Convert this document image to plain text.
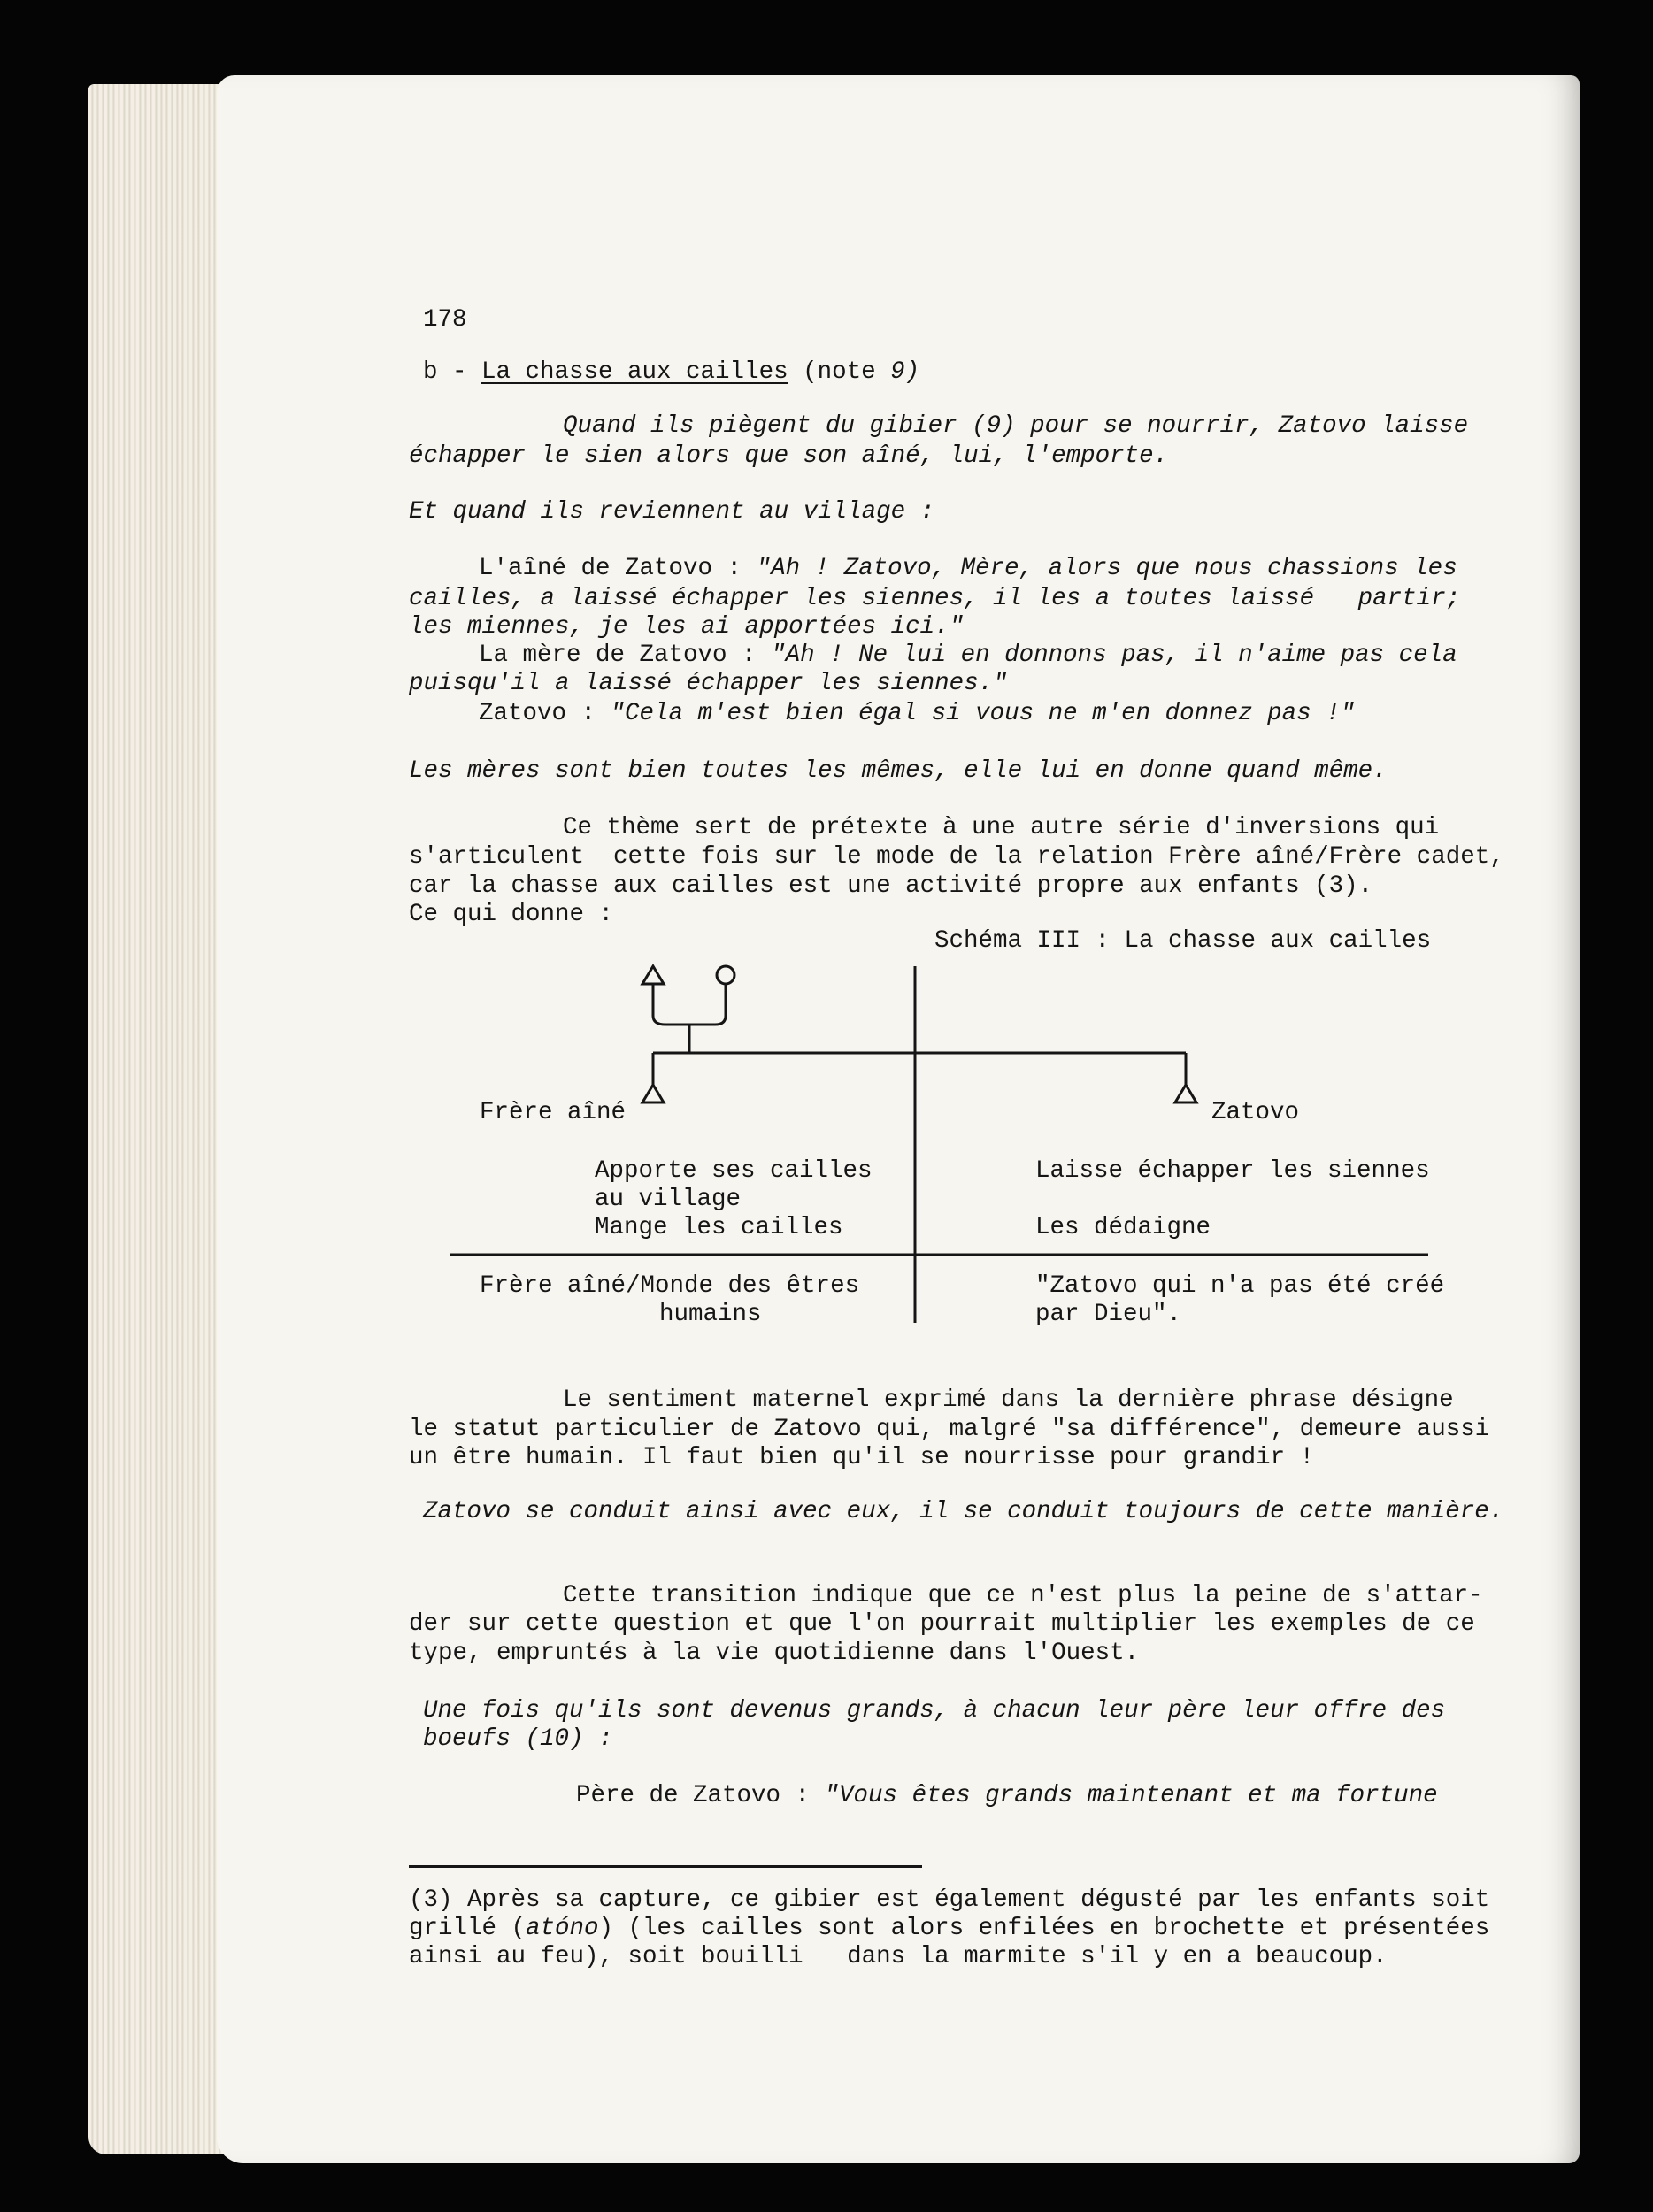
178
b - La chasse aux cailles (note 9)
Quand ils piègent du gibier (9) pour se nourrir, Zatovo laisse
échapper le sien alors que son aîné, lui, l'emporte.
Et quand ils reviennent au village :
L'aîné de Zatovo : "Ah ! Zatovo, Mère, alors que nous chassions les
cailles, a laissé échapper les siennes, il les a toutes laissé   partir;
les miennes, je les ai apportées ici."
La mère de Zatovo : "Ah ! Ne lui en donnons pas, il n'aime pas cela
puisqu'il a laissé échapper les siennes."
Zatovo : "Cela m'est bien égal si vous ne m'en donnez pas !"
Les mères sont bien toutes les mêmes, elle lui en donne quand même.
Ce thème sert de prétexte à une autre série d'inversions qui
s'articulent  cette fois sur le mode de la relation Frère aîné/Frère cadet,
car la chasse aux cailles est une activité propre aux enfants (3).
Ce qui donne :
Schéma III : La chasse aux cailles
Frère aîné	Zatovo
Apporte ses cailles
au village
Mange les cailles
Laisse échapper les siennes
Les dédaigne
Frère aîné/Monde des êtres
humains
"Zatovo qui n'a pas été créé
par Dieu".
Le sentiment maternel exprimé dans la dernière phrase désigne
le statut particulier de Zatovo qui, malgré "sa différence", demeure aussi
un être humain. Il faut bien qu'il se nourrisse pour grandir !
Zatovo se conduit ainsi avec eux, il se conduit toujours de cette manière.
Cette transition indique que ce n'est plus la peine de s'attar-
der sur cette question et que l'on pourrait multiplier les exemples de ce
type, empruntés à la vie quotidienne dans l'Ouest.
Une fois qu'ils sont devenus grands, à chacun leur père leur offre des
boeufs (10) :
Père de Zatovo : "Vous êtes grands maintenant et ma fortune
(3) Après sa capture, ce gibier est également dégusté par les enfants soit
grillé (atóno) (les cailles sont alors enfilées en brochette et présentées
ainsi au feu), soit bouilli   dans la marmite s'il y en a beaucoup.
